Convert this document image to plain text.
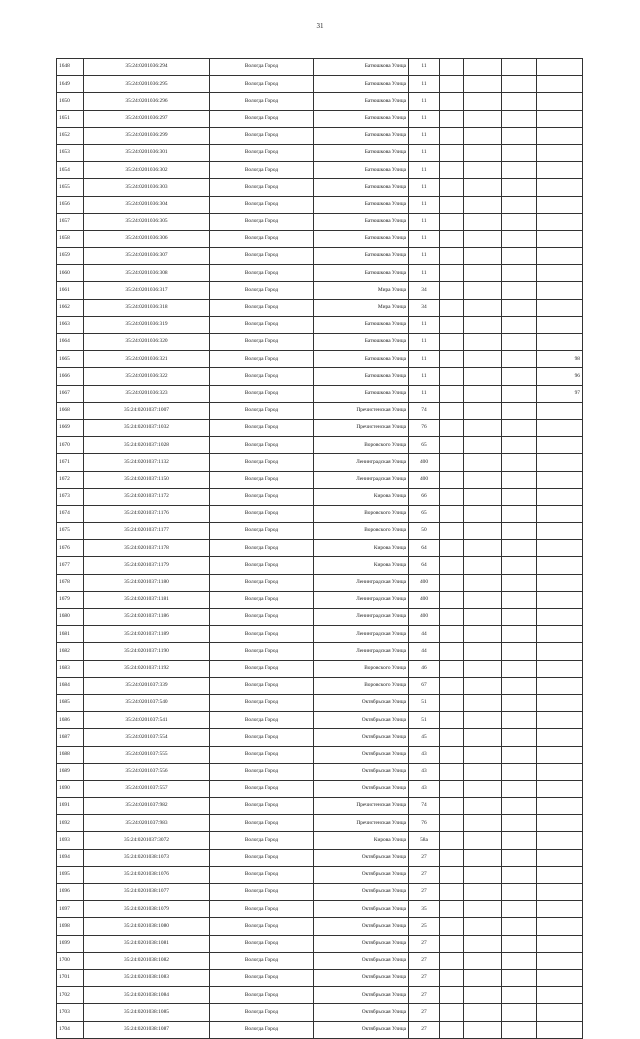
31
1648	35:24:0201036:294	Вологда Город	Батюшкова Улица	11				
1649	35:24:0201036:295	Вологда Город	Батюшкова Улица	11				
1650	35:24:0201036:296	Вологда Город	Батюшкова Улица	11				
1651	35:24:0201036:297	Вологда Город	Батюшкова Улица	11				
1652	35:24:0201036:299	Вологда Город	Батюшкова Улица	11				
1653	35:24:0201036:301	Вологда Город	Батюшкова Улица	11				
1654	35:24:0201036:302	Вологда Город	Батюшкова Улица	11				
1655	35:24:0201036:303	Вологда Город	Батюшкова Улица	11				
1656	35:24:0201036:304	Вологда Город	Батюшкова Улица	11				
1657	35:24:0201036:305	Вологда Город	Батюшкова Улица	11				
1658	35:24:0201036:306	Вологда Город	Батюшкова Улица	11				
1659	35:24:0201036:307	Вологда Город	Батюшкова Улица	11				
1660	35:24:0201036:308	Вологда Город	Батюшкова Улица	11				
1661	35:24:0201036:317	Вологда Город	Мира Улица	34				
1662	35:24:0201036:318	Вологда Город	Мира Улица	34				
1663	35:24:0201036:319	Вологда Город	Батюшкова Улица	11				
1664	35:24:0201036:320	Вологда Город	Батюшкова Улица	11				
1665	35:24:0201036:321	Вологда Город	Батюшкова Улица	11				98
1666	35:24:0201036:322	Вологда Город	Батюшкова Улица	11				96
1667	35:24:0201036:323	Вологда Город	Батюшкова Улица	11				97
1668	35:24:0201037:1007	Вологда Город	Пречистенская Улица	74				
1669	35:24:0201037:1032	Вологда Город	Пречистенская Улица	76				
1670	35:24:0201037:1028	Вологда Город	Воровского Улица	65				
1671	35:24:0201037:1132	Вологда Город	Ленинградская Улица	400				
1672	35:24:0201037:1150	Вологда Город	Ленинградская Улица	400				
1673	35:24:0201037:1172	Вологда Город	Кирова Улица	66				
1674	35:24:0201037:1176	Вологда Город	Воровского Улица	65				
1675	35:24:0201037:1177	Вологда Город	Воровского Улица	50				
1676	35:24:0201037:1178	Вологда Город	Кирова Улица	64				
1677	35:24:0201037:1179	Вологда Город	Кирова Улица	64				
1678	35:24:0201037:1180	Вологда Город	Ленинградская Улица	400				
1679	35:24:0201037:1181	Вологда Город	Ленинградская Улица	400				
1680	35:24:0201037:1186	Вологда Город	Ленинградская Улица	400				
1681	35:24:0201037:1189	Вологда Город	Ленинградская Улица	44				
1682	35:24:0201037:1190	Вологда Город	Ленинградская Улица	44				
1683	35:24:0201037:1192	Вологда Город	Воровского Улица	46				
1684	35:24:0201037:339	Вологда Город	Воровского Улица	67				
1685	35:24:0201037:540	Вологда Город	Октябрьская Улица	51				
1686	35:24:0201037:541	Вологда Город	Октябрьская Улица	51				
1687	35:24:0201037:554	Вологда Город	Октябрьская Улица	45				
1688	35:24:0201037:555	Вологда Город	Октябрьская Улица	43				
1689	35:24:0201037:556	Вологда Город	Октябрьская Улица	43				
1690	35:24:0201037:557	Вологда Город	Октябрьская Улица	43				
1691	35:24:0201037:982	Вологда Город	Пречистенская Улица	74				
1692	35:24:0201037:983	Вологда Город	Пречистенская Улица	76				
1693	35:24:0201037:3072	Вологда Город	Кирова Улица	58а				
1694	35:24:0201038:1073	Вологда Город	Октябрьская Улица	27				
1695	35:24:0201038:1076	Вологда Город	Октябрьская Улица	27				
1696	35:24:0201038:1077	Вологда Город	Октябрьская Улица	27				
1697	35:24:0201038:1079	Вологда Город	Октябрьская Улица	35				
1698	35:24:0201038:1080	Вологда Город	Октябрьская Улица	25				
1699	35:24:0201038:1081	Вологда Город	Октябрьская Улица	27				
1700	35:24:0201038:1082	Вологда Город	Октябрьская Улица	27				
1701	35:24:0201038:1083	Вологда Город	Октябрьская Улица	27				
1702	35:24:0201038:1084	Вологда Город	Октябрьская Улица	27				
1703	35:24:0201038:1085	Вологда Город	Октябрьская Улица	27				
1704	35:24:0201038:1087	Вологда Город	Октябрьская Улица	27				
